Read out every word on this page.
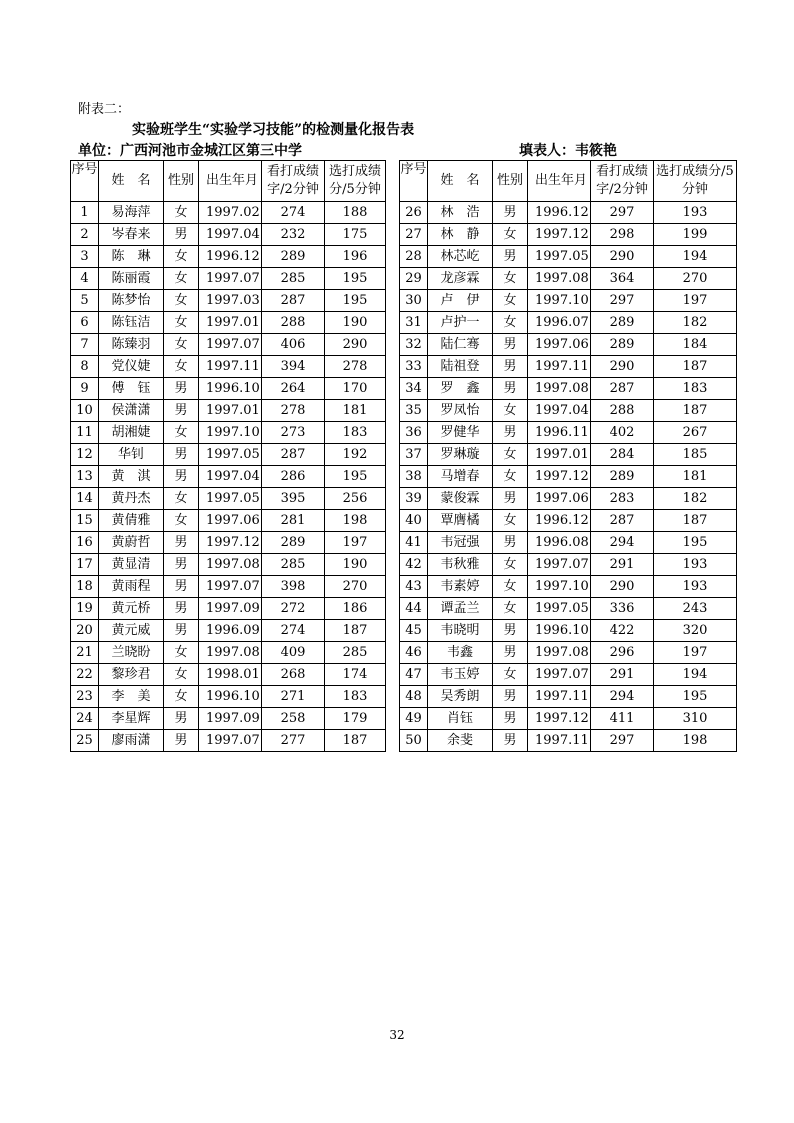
附表二：
实验班学生“实验学习技能”的检测量化报告表
单位：广西河池市金城江区第三中学	填表人：韦筱艳
序号	姓　名	性别	出生年月	看打成绩字/2分钟	选打成绩分/5分钟		序号	姓　名	性别	出生年月	看打成绩字/2分钟	选打成绩分/5分钟
1	易海萍	女	1997.02	274	188		26	林　浩	男	1996.12	297	193
2	岑春来	男	1997.04	232	175		27	林　静	女	1997.12	298	199
3	陈　琳	女	1996.12	289	196		28	林芯屹	男	1997.05	290	194
4	陈丽霞	女	1997.07	285	195		29	龙彦霖	女	1997.08	364	270
5	陈梦怡	女	1997.03	287	195		30	卢　伊	女	1997.10	297	197
6	陈钰洁	女	1997.01	288	190		31	卢护一	女	1996.07	289	182
7	陈臻羽	女	1997.07	406	290		32	陆仁骞	男	1997.06	289	184
8	党仪婕	女	1997.11	394	278		33	陆祖登	男	1997.11	290	187
9	傅　钰	男	1996.10	264	170		34	罗　鑫	男	1997.08	287	183
10	侯潇潇	男	1997.01	278	181		35	罗凤怡	女	1997.04	288	187
11	胡湘婕	女	1997.10	273	183		36	罗健华	男	1996.11	402	267
12	华钊	男	1997.05	287	192		37	罗琳璇	女	1997.01	284	185
13	黄　淇	男	1997.04	286	195		38	马增春	女	1997.12	289	181
14	黄丹杰	女	1997.05	395	256		39	蒙俊霖	男	1997.06	283	182
15	黄倩雅	女	1997.06	281	198		40	覃膺橘	女	1996.12	287	187
16	黄蔚哲	男	1997.12	289	197		41	韦冠强	男	1996.08	294	195
17	黄显清	男	1997.08	285	190		42	韦秋雅	女	1997.07	291	193
18	黄雨程	男	1997.07	398	270		43	韦素婷	女	1997.10	290	193
19	黄元桥	男	1997.09	272	186		44	谭孟兰	女	1997.05	336	243
20	黄元威	男	1996.09	274	187		45	韦晓明	男	1996.10	422	320
21	兰晓盼	女	1997.08	409	285		46	韦鑫	男	1997.08	296	197
22	黎珍君	女	1998.01	268	174		47	韦玉婷	女	1997.07	291	194
23	李　美	女	1996.10	271	183		48	吴秀朗	男	1997.11	294	195
24	李星辉	男	1997.09	258	179		49	肖钰	男	1997.12	411	310
25	廖雨潇	男	1997.07	277	187		50	余斐	男	1997.11	297	198
32
